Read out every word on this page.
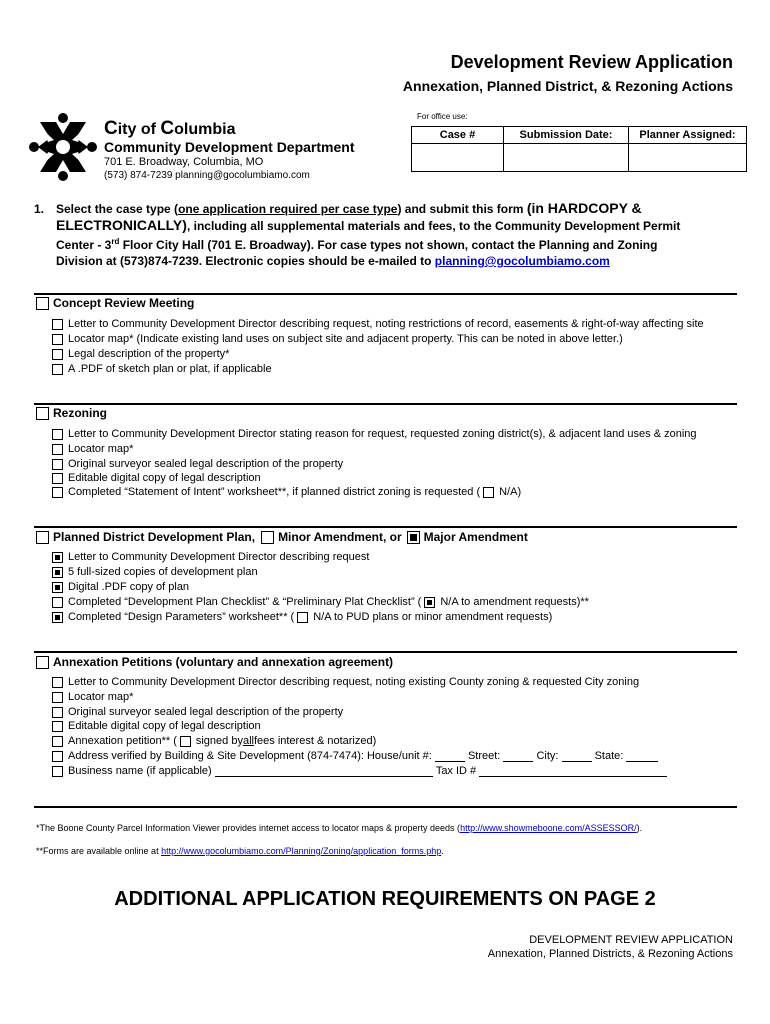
Development Review Application
Annexation, Planned District, & Rezoning Actions
City of Columbia
Community Development Department
701 E. Broadway, Columbia, MO
(573) 874-7239 planning@gocolumbiamo.com
For office use:
Case #	Submission Date:	Planner Assigned:

1. Select the case type (one application required per case type) and submit this form (in HARDCOPY &
ELECTRONICALLY), including all supplemental materials and fees, to the Community Development Permit
Center - 3rd Floor City Hall (701 E. Broadway). For case types not shown, contact the Planning and Zoning
Division at (573)874-7239. Electronic copies should be e-mailed to planning@gocolumbiamo.com
Concept Review Meeting
Letter to Community Development Director describing request, noting restrictions of record, easements & right-of-way affecting site
Locator map* (Indicate existing land uses on subject site and adjacent property. This can be noted in above letter.)
Legal description of the property*
A .PDF of sketch plan or plat, if applicable
Rezoning
Letter to Community Development Director stating reason for request, requested zoning district(s), & adjacent land uses & zoning
Locator map*
Original surveyor sealed legal description of the property
Editable digital copy of legal description
Completed “Statement of Intent” worksheet**, if planned district zoning is requested ( N/A)
Planned District Development Plan, Minor Amendment, or Major Amendment
Letter to Community Development Director describing request
5 full-sized copies of development plan
Digital .PDF copy of plan
Completed “Development Plan Checklist” & “Preliminary Plat Checklist” ( N/A to amendment requests)**
Completed “Design Parameters” worksheet** ( N/A to PUD plans or minor amendment requests)
Annexation Petitions (voluntary and annexation agreement)
Letter to Community Development Director describing request, noting existing County zoning & requested City zoning
Locator map*
Original surveyor sealed legal description of the property
Editable digital copy of legal description
Annexation petition** ( signed by all fees interest & notarized)
Address verified by Building & Site Development (874-7474): House/unit #:

	Street:

	City:

	State:

Business name (if applicable)

	Tax ID #

*The Boone County Parcel Information Viewer provides internet access to locator maps & property deeds (http://www.showmeboone.com/ASSESSOR/).
**Forms are available online at http://www.gocolumbiamo.com/Planning/Zoning/application_forms.php.
ADDITIONAL APPLICATION REQUIREMENTS ON PAGE 2
DEVELOPMENT REVIEW APPLICATION
Annexation, Planned Districts, & Rezoning Actions
